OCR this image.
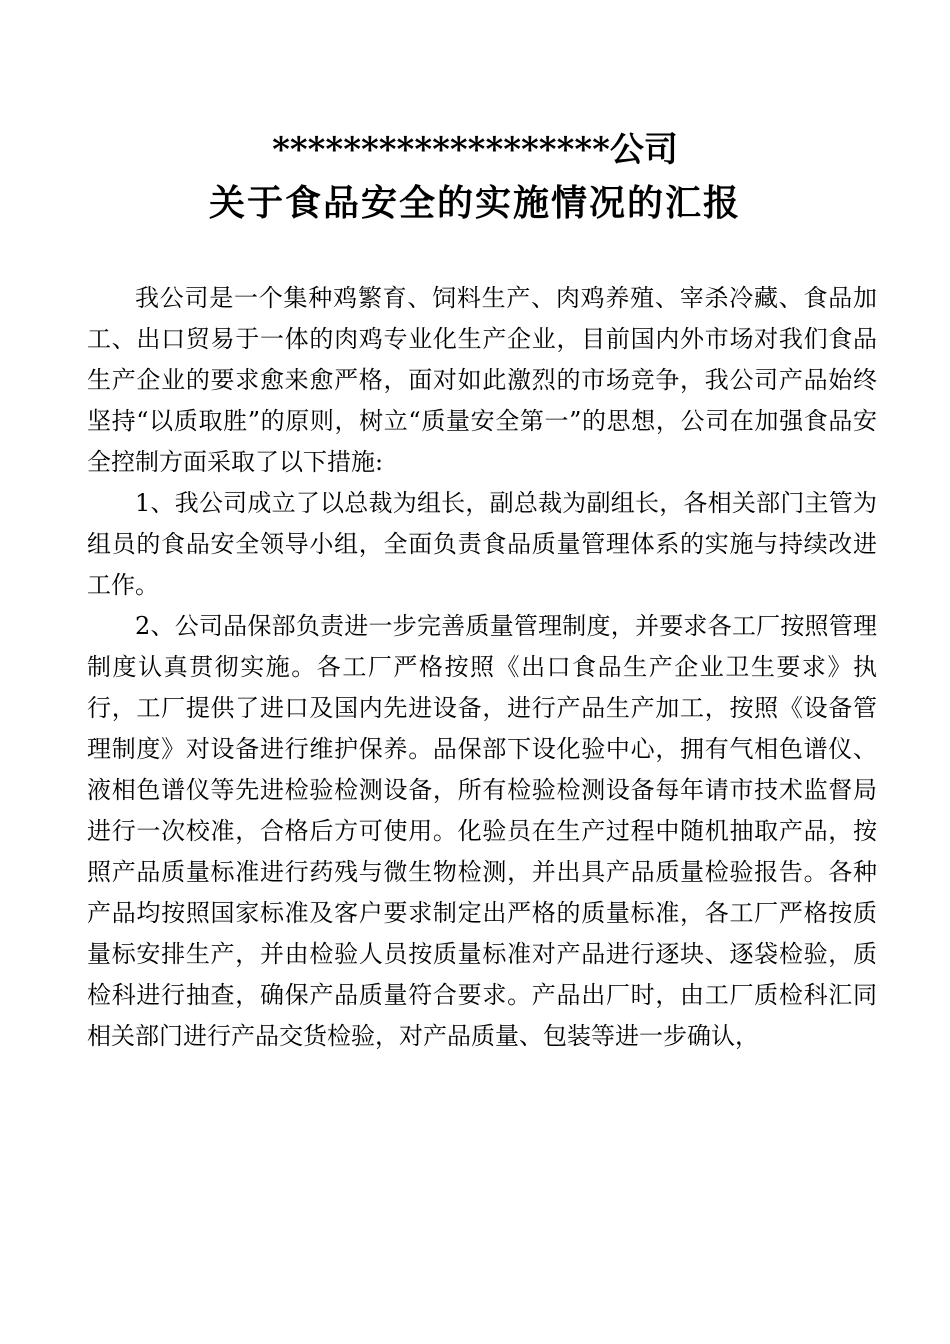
*******************公司
关于食品安全的实施情况的汇报

我公司是一个集种鸡繁育、饲料生产、肉鸡养殖、宰杀冷藏、食品加工、出口贸易于一体的肉鸡专业化生产企业，目前国内外市场对我们食品生产企业的要求愈来愈严格，面对如此激烈的市场竞争，我公司产品始终坚持“以质取胜”的原则，树立“质量安全第一”的思想，公司在加强食品安全控制方面采取了以下措施:

1、我公司成立了以总裁为组长，副总裁为副组长，各相关部门主管为组员的食品安全领导小组，全面负责食品质量管理体系的实施与持续改进工作。

2、公司品保部负责进一步完善质量管理制度，并要求各工厂按照管理制度认真贯彻实施。各工厂严格按照《出口食品生产企业卫生要求》执行，工厂提供了进口及国内先进设备，进行产品生产加工，按照《设备管理制度》对设备进行维护保养。品保部下设化验中心，拥有气相色谱仪、液相色谱仪等先进检验检测设备，所有检验检测设备每年请市技术监督局进行一次校准，合格后方可使用。化验员在生产过程中随机抽取产品，按照产品质量标准进行药残与微生物检测，并出具产品质量检验报告。各种产品均按照国家标准及客户要求制定出严格的质量标准，各工厂严格按质量标安排生产，并由检验人员按质量标准对产品进行逐块、逐袋检验，质检科进行抽查，确保产品质量符合要求。产品出厂时，由工厂质检科汇同相关部门进行产品交货检验，对产品质量、包装等进一步确认，
